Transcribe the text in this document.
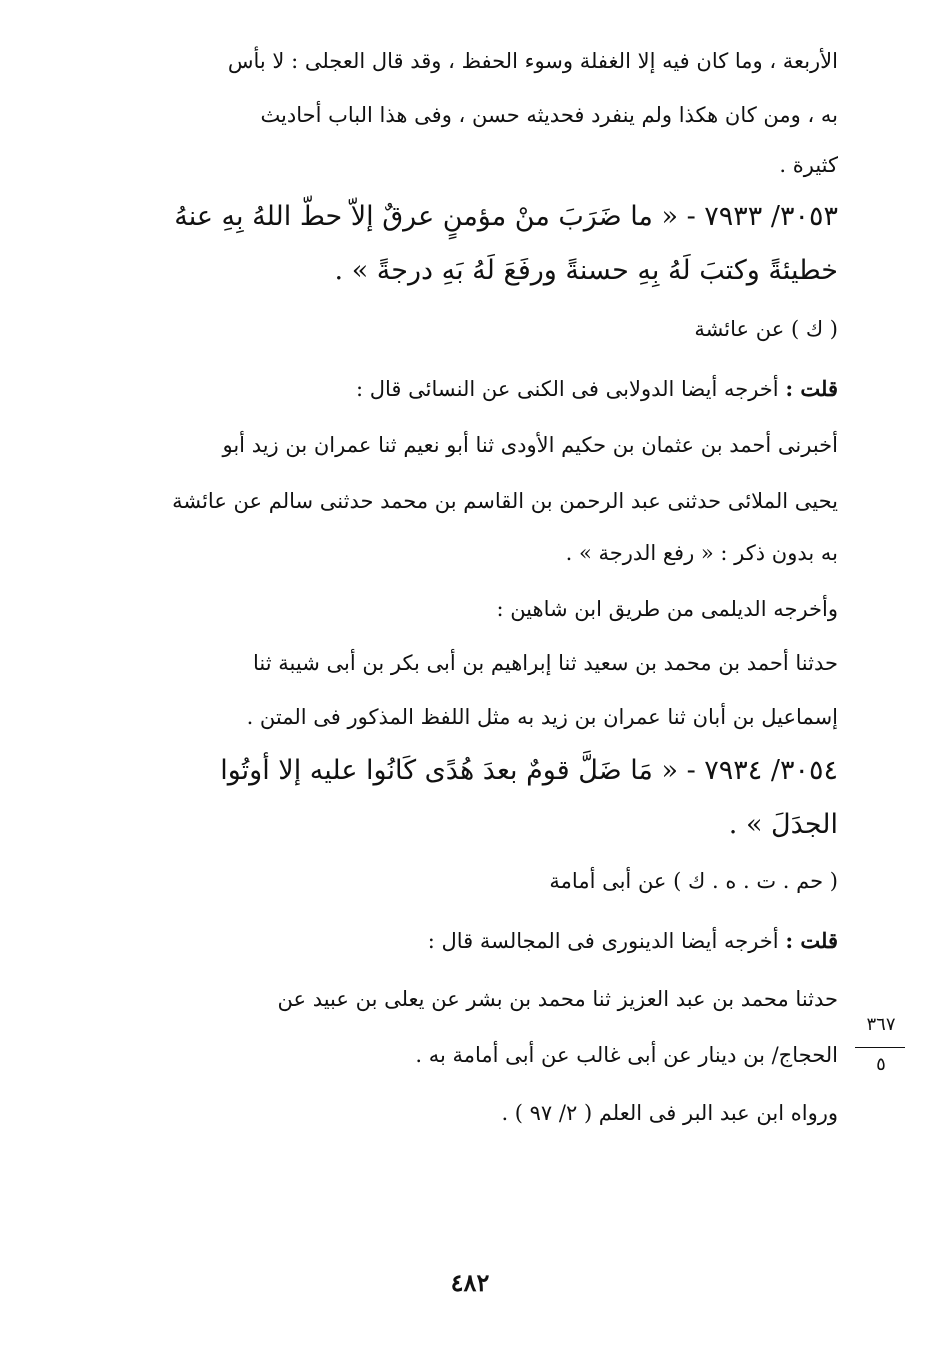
الأربعة ، وما كان فيه إلا الغفلة وسوء الحفظ ، وقد قال العجلى : لا بأس
به ، ومن كان هكذا ولم ينفرد فحديثه حسن ، وفى هذا الباب أحاديث
كثيرة .
٣٠٥٣/ ٧٩٣٣ - « ما ضَرَبَ منْ مؤمنٍ عرقٌ إلاّ حطّ اللهُ بِهِ عنهُ
خطيئةً وكتبَ لَهُ بِهِ حسنةً ورفَعَ لَهُ بَهِ درجةً » .
( ك ) عن عائشة
قلت : أخرجه أيضا الدولابى فى الكنى عن النسائى قال :
أخبرنى أحمد بن عثمان بن حكيم الأودى ثنا أبو نعيم ثنا عمران بن زيد أبو
يحيى الملائى حدثنى عبد الرحمن بن القاسم بن محمد حدثنى سالم عن عائشة
به بدون ذكر : « رفع الدرجة » .
وأخرجه الديلمى من طريق ابن شاهين :
حدثنا أحمد بن محمد بن سعيد ثنا إبراهيم بن أبى بكر بن أبى شيبة ثنا
إسماعيل بن أبان ثنا عمران بن زيد به مثل اللفظ المذكور فى المتن .
٣٠٥٤/ ٧٩٣٤ - « مَا ضَلَّ قومٌ بعدَ هُدًى كَانُوا عليه إلا أوتُوا
الجدَلَ » .
( حم . ت . ه . ك ) عن أبى أمامة
قلت : أخرجه أيضا الدينورى فى المجالسة قال :
حدثنا محمد بن عبد العزيز ثنا محمد بن بشر عن يعلى بن عبيد عن
الحجاج/ بن دينار عن أبى غالب عن أبى أمامة به .
ورواه ابن عبد البر فى العلم ( ٢/ ٩٧ ) .
٣٦٧
٥
٤٨٢
